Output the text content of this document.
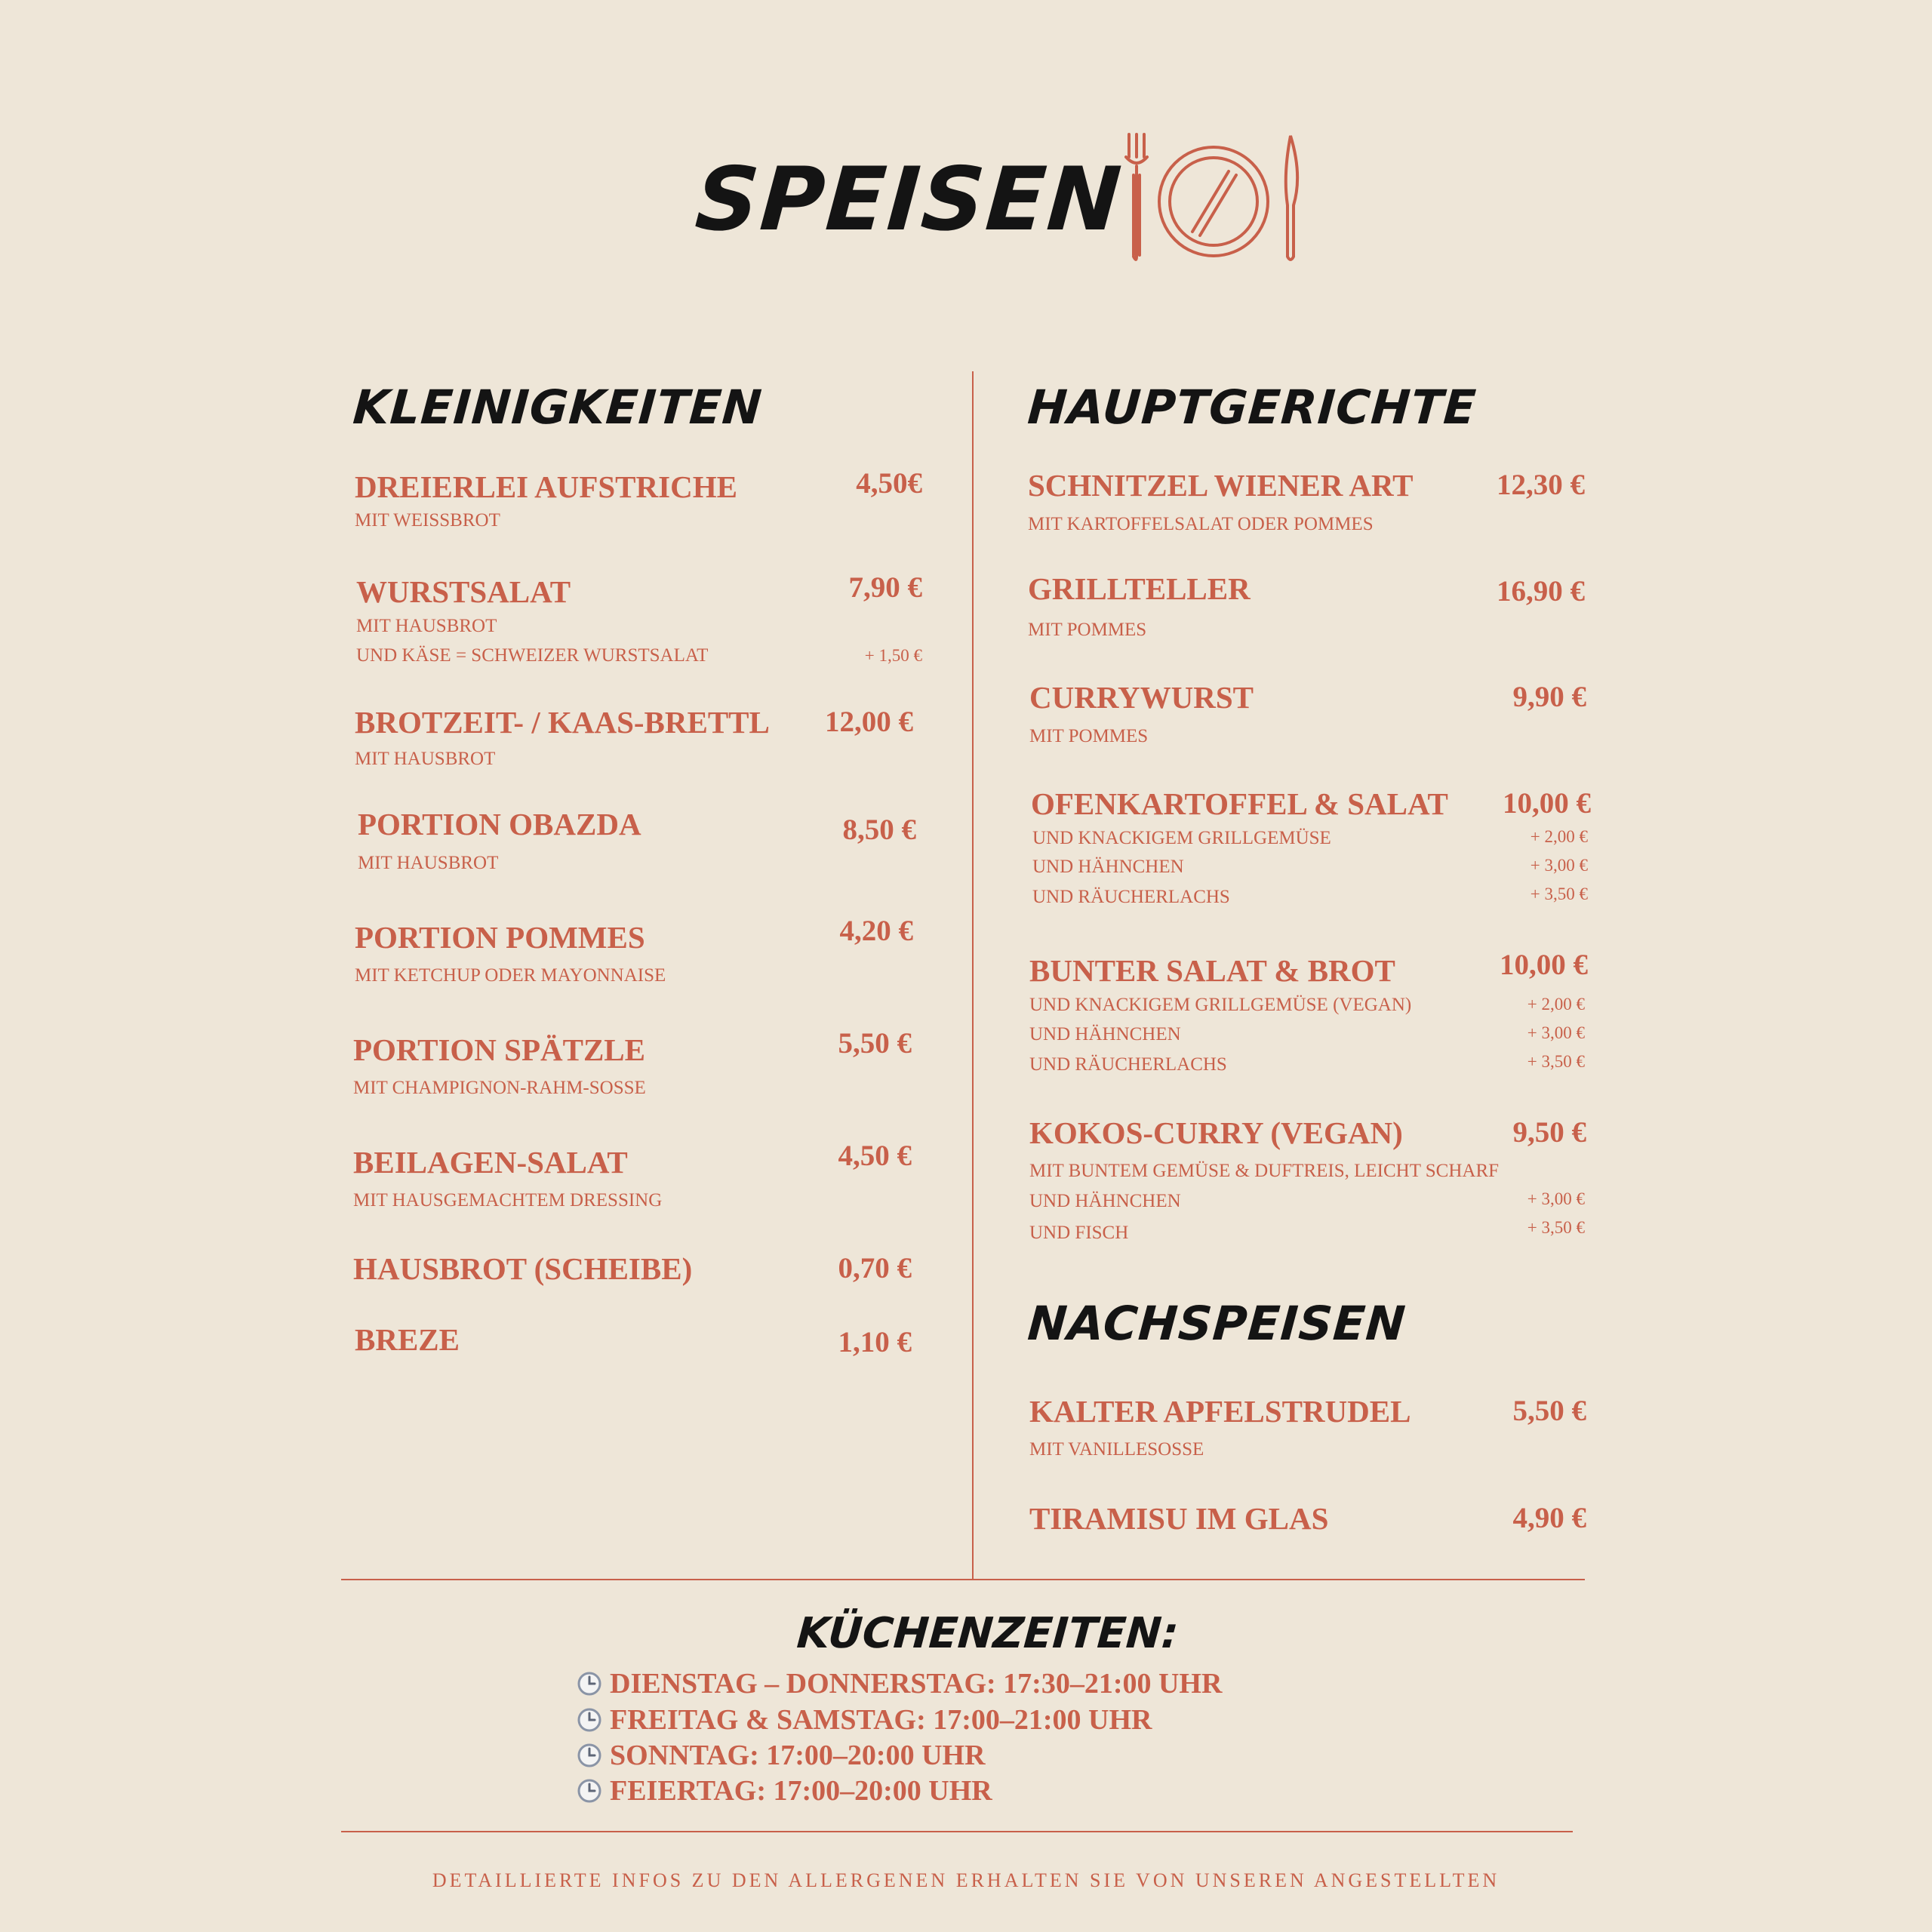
SPEISEN
KLEINIGKEITEN
DREIERLEI AUFSTRICHE	4,50€
MIT WEISSBROT
WURSTSALAT	7,90 €
MIT HAUSBROT
UND KÄSE = SCHWEIZER WURSTSALAT	+ 1,50 €
BROTZEIT- / KAAS-BRETTL 12,00 €
MIT HAUSBROT
PORTION OBAZDA	8,50 €
MIT HAUSBROT
PORTION POMMES	4,20 €
MIT KETCHUP ODER MAYONNAISE
PORTION SPÄTZLE	5,50 €
MIT CHAMPIGNON-RAHM-SOSSE
BEILAGEN-SALAT	4,50 €
MIT HAUSGEMACHTEM DRESSING
HAUSBROT (SCHEIBE)	0,70 €
BREZE	1,10 €
HAUPTGERICHTE
SCHNITZEL WIENER ART	12,30 €
MIT KARTOFFELSALAT ODER POMMES
GRILLTELLER	16,90 €
MIT POMMES
CURRYWURST	9,90 €
MIT POMMES
OFENKARTOFFEL & SALAT 10,00 €
UND KNACKIGEM GRILLGEMÜSE	+ 2,00 €
UND HÄHNCHEN	+ 3,00 €
UND RÄUCHERLACHS	+ 3,50 €
BUNTER SALAT & BROT	10,00 €
UND KNACKIGEM GRILLGEMÜSE (VEGAN)	+ 2,00 €
UND HÄHNCHEN	+ 3,00 €
UND RÄUCHERLACHS	+ 3,50 €
KOKOS-CURRY (VEGAN)	9,50 €
MIT BUNTEM GEMÜSE & DUFTREIS, LEICHT SCHARF
UND HÄHNCHEN	+ 3,00 €
UND FISCH	+ 3,50 €
NACHSPEISEN
KALTER APFELSTRUDEL	5,50 €
MIT VANILLESOSSE
TIRAMISU IM GLAS	4,90 €
KÜCHENZEITEN:
DIENSTAG – DONNERSTAG: 17:30–21:00 UHR
FREITAG & SAMSTAG: 17:00–21:00 UHR
SONNTAG: 17:00–20:00 UHR
FEIERTAG: 17:00–20:00 UHR
DETAILLIERTE INFOS ZU DEN ALLERGENEN ERHALTEN SIE VON UNSEREN ANGESTELLTEN
